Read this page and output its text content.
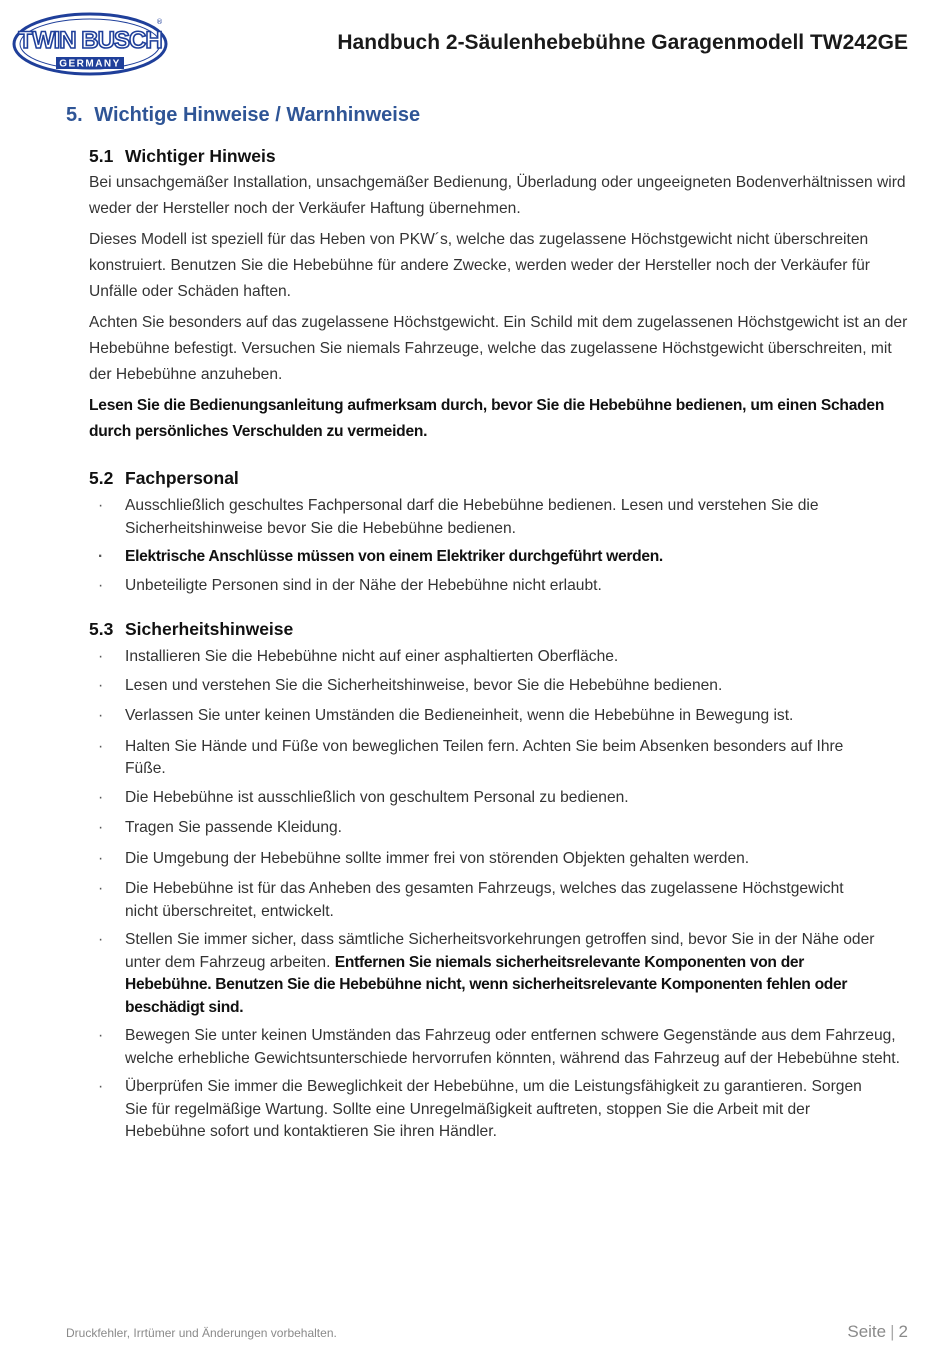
TWIN BUSCH
GERMANY
®
Handbuch 2-Säulenhebebühne Garagenmodell TW242GE
5. Wichtige Hinweise / Warnhinweise
5.1 Wichtiger Hinweis

Bei unsachgemäßer Installation, unsachgemäßer Bedienung, Überladung oder ungeeigneten Bodenverhältnissen wird weder der Hersteller noch der Verkäufer Haftung übernehmen.

Dieses Modell ist speziell für das Heben von PKW´s, welche das zugelassene Höchstgewicht nicht überschreiten konstruiert. Benutzen Sie die Hebebühne für andere Zwecke, werden weder der Hersteller noch der Verkäufer für Unfälle oder Schäden haften.

Achten Sie besonders auf das zugelassene Höchstgewicht. Ein Schild mit dem zugelassenen Höchstgewicht ist an der Hebebühne befestigt. Versuchen Sie niemals Fahrzeuge, welche das zugelassene Höchstgewicht überschreiten, mit der Hebebühne anzuheben.

Lesen Sie die Bedienungsanleitung aufmerksam durch, bevor Sie die Hebebühne bedienen, um einen Schaden durch persönliches Verschulden zu vermeiden.

5.2 Fachpersonal
· Ausschließlich geschultes Fachpersonal darf die Hebebühne bedienen. Lesen und verstehen Sie die Sicherheitshinweise bevor Sie die Hebebühne bedienen.
· Elektrische Anschlüsse müssen von einem Elektriker durchgeführt werden.
· Unbeteiligte Personen sind in der Nähe der Hebebühne nicht erlaubt.
5.3 Sicherheitshinweise
· Installieren Sie die Hebebühne nicht auf einer asphaltierten Oberfläche.
· Lesen und verstehen Sie die Sicherheitshinweise, bevor Sie die Hebebühne bedienen.
· Verlassen Sie unter keinen Umständen die Bedieneinheit, wenn die Hebebühne in Bewegung ist.
· Halten Sie Hände und Füße von beweglichen Teilen fern. Achten Sie beim Absenken besonders auf Ihre Füße.
· Die Hebebühne ist ausschließlich von geschultem Personal zu bedienen.
· Tragen Sie passende Kleidung.
· Die Umgebung der Hebebühne sollte immer frei von störenden Objekten gehalten werden.
· Die Hebebühne ist für das Anheben des gesamten Fahrzeugs, welches das zugelassene Höchstgewicht nicht überschreitet, entwickelt.
· Stellen Sie immer sicher, dass sämtliche Sicherheitsvorkehrungen getroffen sind, bevor Sie in der Nähe oder unter dem Fahrzeug arbeiten. Entfernen Sie niemals sicherheitsrelevante Komponenten von der Hebebühne. Benutzen Sie die Hebebühne nicht, wenn sicherheitsrelevante Komponenten fehlen oder beschädigt sind.
· Bewegen Sie unter keinen Umständen das Fahrzeug oder entfernen schwere Gegenstände aus dem Fahrzeug, welche erhebliche Gewichtsunterschiede hervorrufen könnten, während das Fahrzeug auf der Hebebühne steht.
· Überprüfen Sie immer die Beweglichkeit der Hebebühne, um die Leistungsfähigkeit zu garantieren. Sorgen Sie für regelmäßige Wartung. Sollte eine Unregelmäßigkeit auftreten, stoppen Sie die Arbeit mit der Hebebühne sofort und kontaktieren Sie ihren Händler.
Druckfehler, Irrtümer und Änderungen vorbehalten.	Seite | 2
